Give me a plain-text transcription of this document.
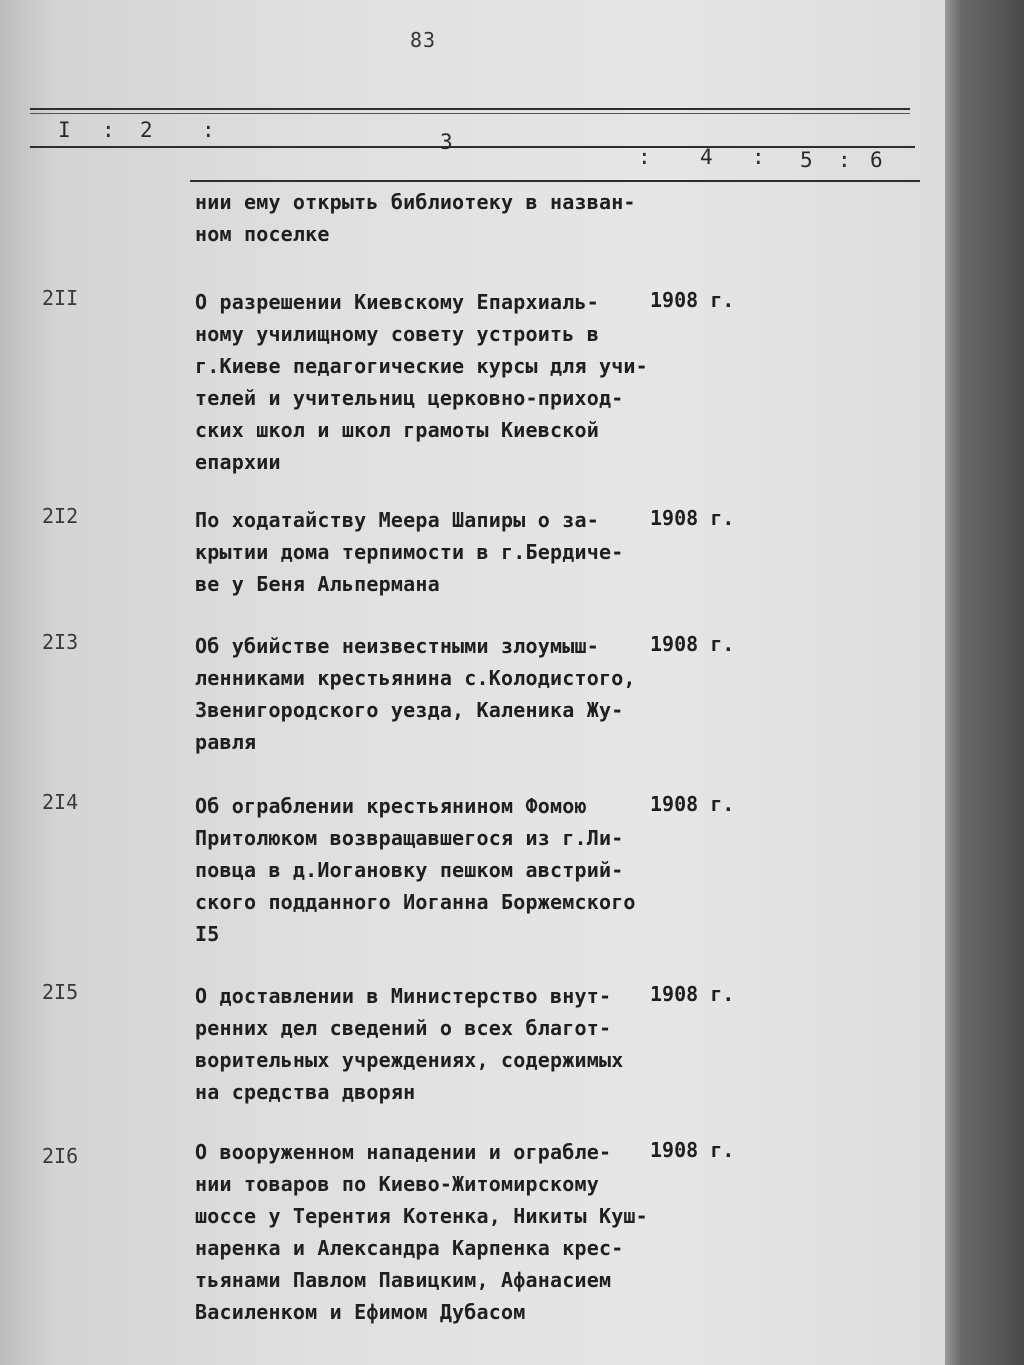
83
I : 2 :	3
: 4 : 5 : 6
нии ему открыть библиотеку в назван-
ном поселке
2II	О разрешении Киевскому Епархиаль-
ному училищному совету устроить в
г.Киеве педагогические курсы для учи-
телей и учительниц церковно-приход-
ских школ и школ грамоты Киевской
епархии
1908 г.
2I2	По ходатайству Меера Шапиры о за-
крытии дома терпимости в г.Бердиче-
ве у Беня Альпермана
1908 г.
2I3	Об убийстве неизвестными злоумыш-
ленниками крестьянина с.Колодистого,
Звенигородского уезда, Каленика Жу-
равля
1908 г.
2I4	Об ограблении крестьянином Фомою
Притолюком возвращавшегося из г.Ли-
повца в д.Иогановку пешком австрий-
ского подданного Иоганна Боржемского
I5
1908 г.
2I5	О доставлении в Министерство внут-
ренних дел сведений о всех благот-
ворительных учреждениях, содержимых
на средства дворян
1908 г.
2I6	О вооруженном нападении и ограбле-
нии товаров по Киево-Житомирскому
шоссе у Терентия Котенка, Никиты Куш-
наренка и Александра Карпенка крес-
тьянами Павлом Павицким, Афанасием
Василенком и Ефимом Дубасом
1908 г.
